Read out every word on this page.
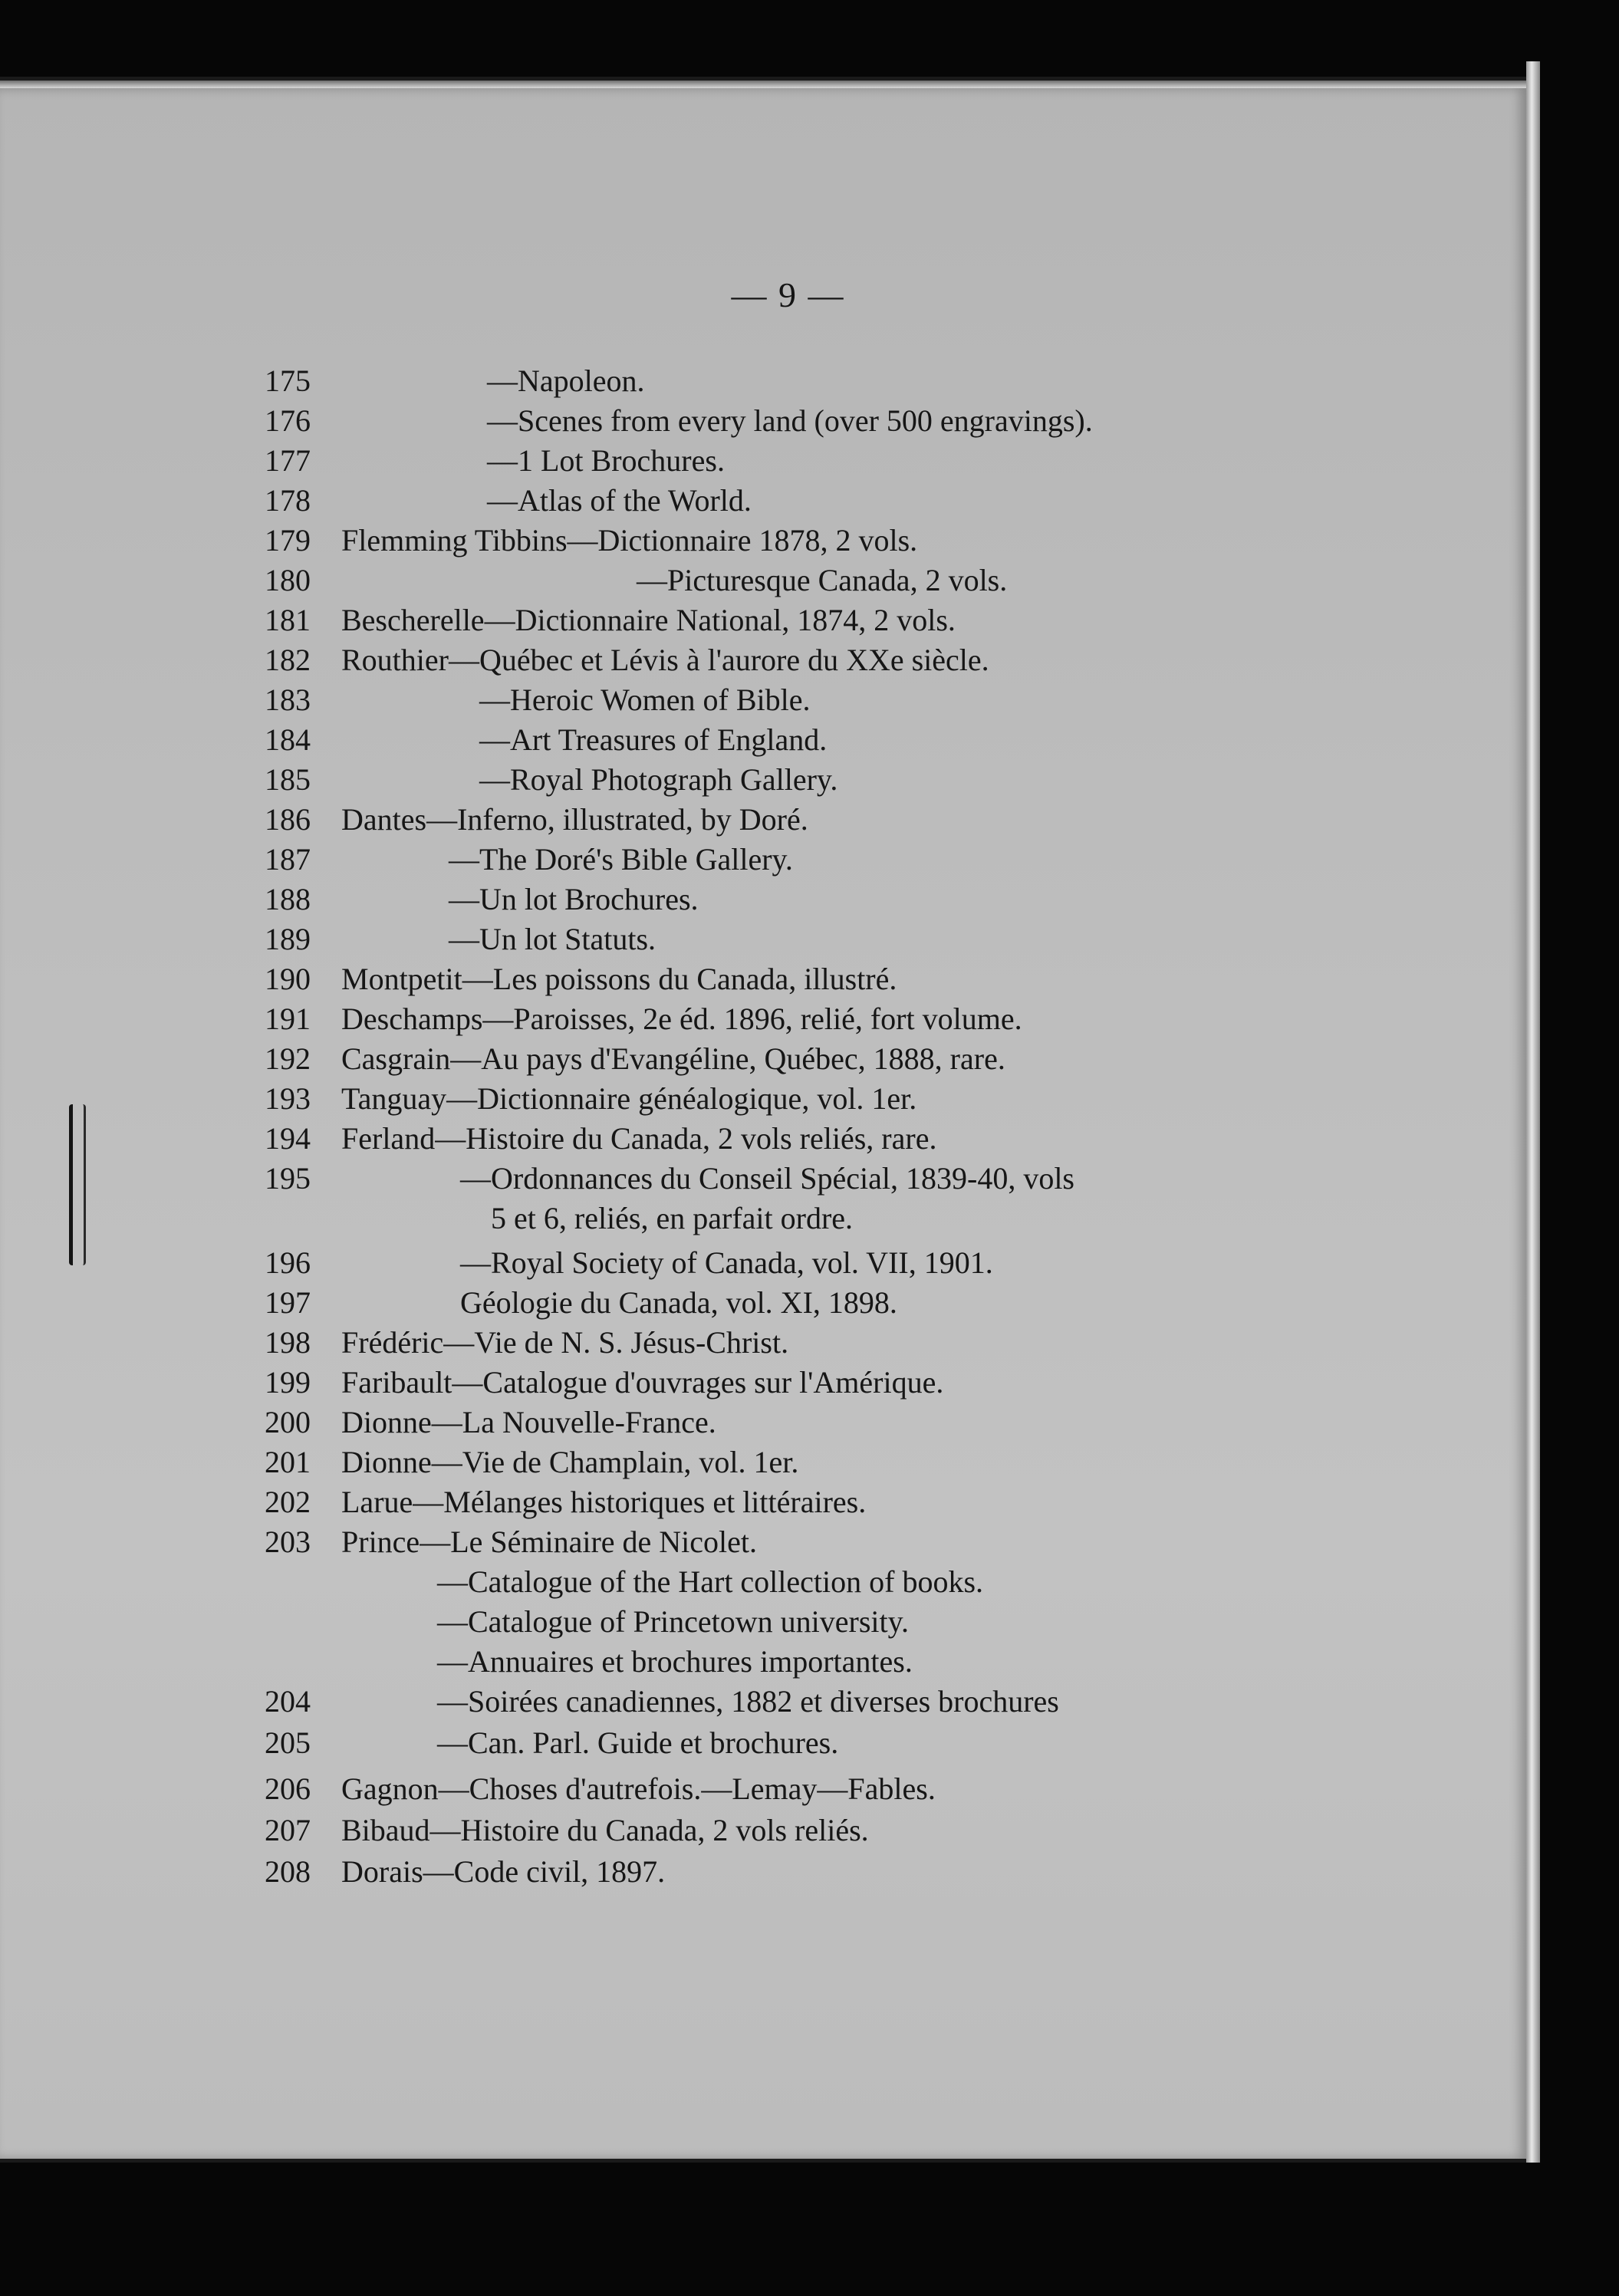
— 9 —
175	—Napoleon.
176	—Scenes from every land (over 500 engravings).
177	—1 Lot Brochures.
178	—Atlas of the World.
179	Flemming Tibbins—Dictionnaire 1878, 2 vols.
180	—Picturesque Canada, 2 vols.
181	Bescherelle—Dictionnaire National, 1874, 2 vols.
182	Routhier—Québec et Lévis à l'aurore du XXe siècle.
183	—Heroic Women of Bible.
184	—Art Treasures of England.
185	—Royal Photograph Gallery.
186	Dantes—Inferno, illustrated, by Doré.
187	—The Doré's Bible Gallery.
188	—Un lot Brochures.
189	—Un lot Statuts.
190	Montpetit—Les poissons du Canada, illustré.
191	Deschamps—Paroisses, 2e éd. 1896, relié, fort volume.
192	Casgrain—Au pays d'Evangéline, Québec, 1888, rare.
193	Tanguay—Dictionnaire généalogique, vol. 1er.
194	Ferland—Histoire du Canada, 2 vols reliés, rare.
195	—Ordonnances du Conseil Spécial, 1839-40, vols
5 et 6, reliés, en parfait ordre.
196	—Royal Society of Canada, vol. VII, 1901.
197	Géologie du Canada, vol. XI, 1898.
198	Frédéric—Vie de N. S. Jésus-Christ.
199	Faribault—Catalogue d'ouvrages sur l'Amérique.
200	Dionne—La Nouvelle-France.
201	Dionne—Vie de Champlain, vol. 1er.
202	Larue—Mélanges historiques et littéraires.
203	Prince—Le Séminaire de Nicolet.
—Catalogue of the Hart collection of books.
—Catalogue of Princetown university.
—Annuaires et brochures importantes.
204	—Soirées canadiennes, 1882 et diverses brochures
205	—Can. Parl. Guide et brochures.
206	Gagnon—Choses d'autrefois.—Lemay—Fables.
207	Bibaud—Histoire du Canada, 2 vols reliés.
208	Dorais—Code civil, 1897.
